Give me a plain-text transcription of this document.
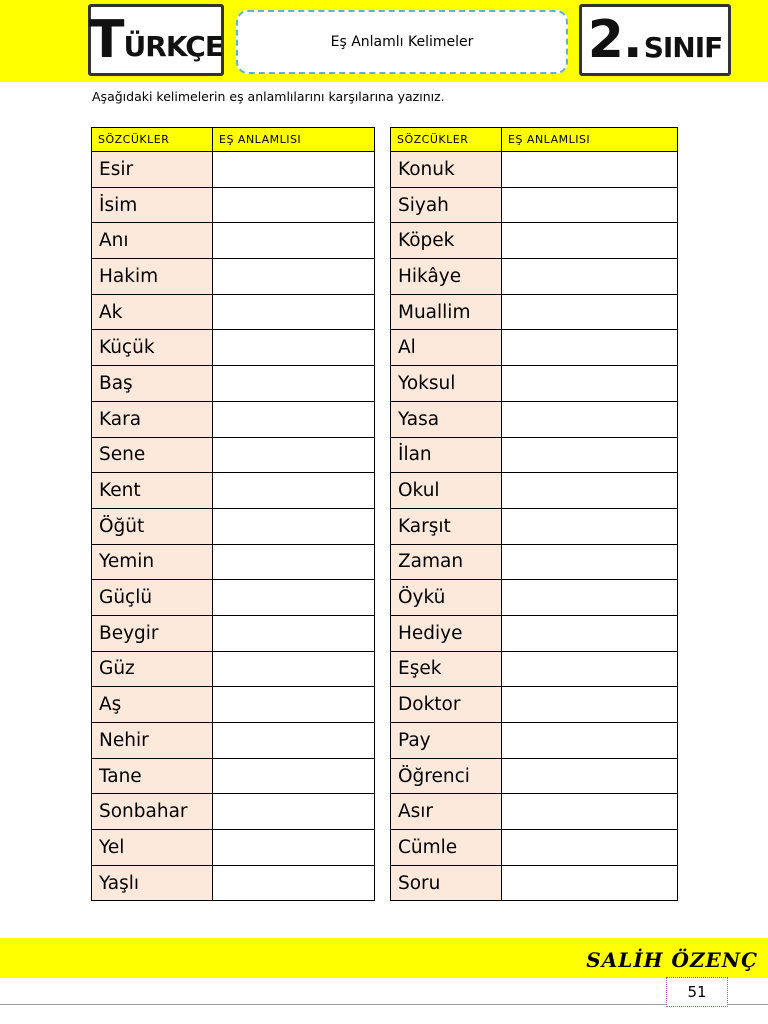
T ÜRKÇE	Eş Anlamlı Kelimeler	2. SINIF
Aşağıdaki kelimelerin eş anlamlılarını karşılarına yazınız.
SÖZCÜKLER	EŞ ANLAMLISI
Esir	
İsim	
Anı	
Hakim	
Ak	
Küçük	
Baş	
Kara	
Sene	
Kent	
Öğüt	
Yemin	
Güçlü	
Beygir	
Güz	
Aş	
Nehir	
Tane	
Sonbahar	
Yel	
Yaşlı	
SÖZCÜKLER	EŞ ANLAMLISI
Konuk	
Siyah	
Köpek	
Hikâye	
Muallim	
Al	
Yoksul	
Yasa	
İlan	
Okul	
Karşıt	
Zaman	
Öykü	
Hediye	
Eşek	
Doktor	
Pay	
Öğrenci	
Asır	
Cümle	
Soru	
SALİH ÖZENÇ
51
